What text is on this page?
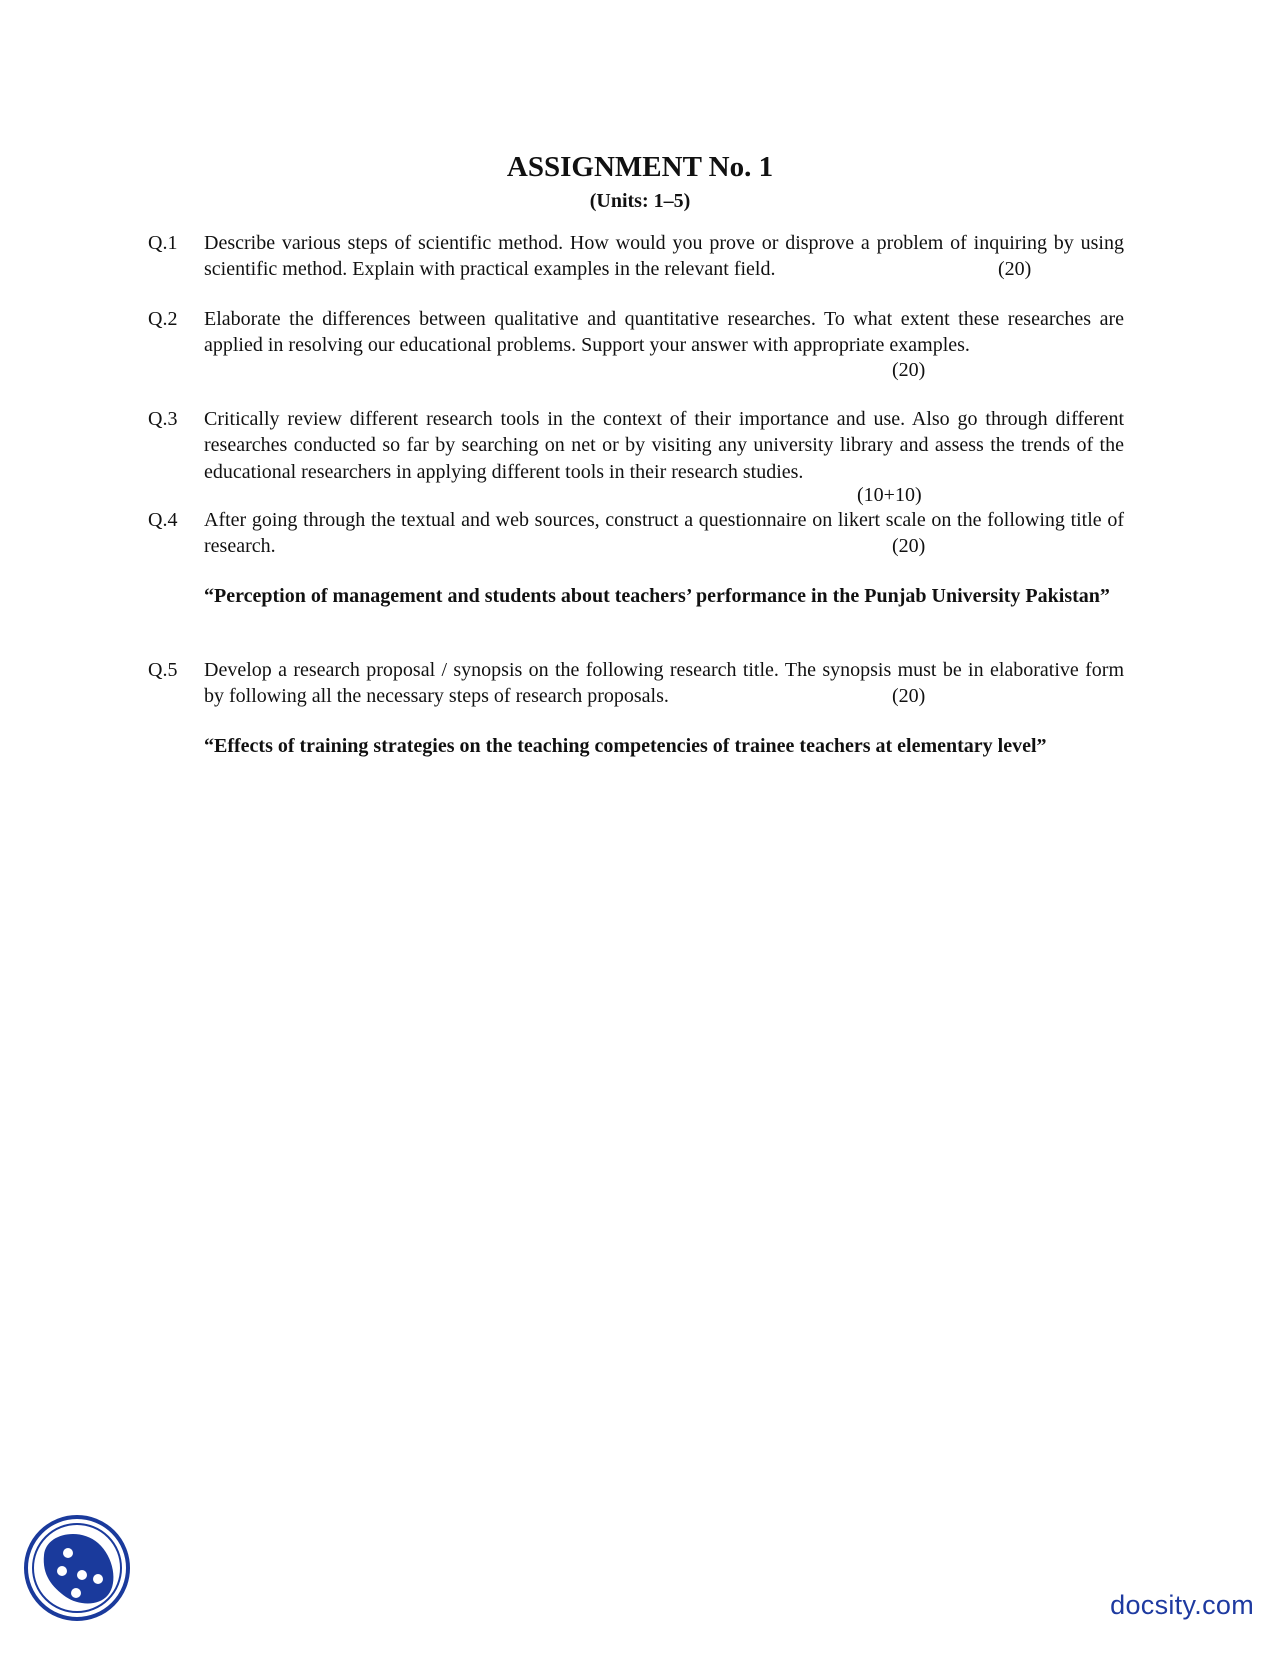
ASSIGNMENT No. 1
(Units: 1–5)
Q.1	Describe various steps of scientific method. How would you prove or disprove a problem of inquiring by using scientific method. Explain with practical examples in the relevant field.	(20)
Q.2	Elaborate the differences between qualitative and quantitative researches. To what extent these researches are applied in resolving our educational problems. Support your answer with appropriate examples.
(20)
Q.3	Critically review different research tools in the context of their importance and use. Also go through different researches conducted so far by searching on net or by visiting any university library and assess the trends of the educational researchers in applying different tools in their research studies.
(10+10)
Q.4	After going through the textual and web sources, construct a questionnaire on likert scale on the following title of research.	(20)
“Perception of management and students about teachers’ performance in the Punjab University Pakistan”
Q.5	Develop a research proposal / synopsis on the following research title. The synopsis must be in elaborative form by following all the necessary steps of research proposals.	(20)
“Effects of training strategies on the teaching competencies of trainee teachers at elementary level”
docsity.com
